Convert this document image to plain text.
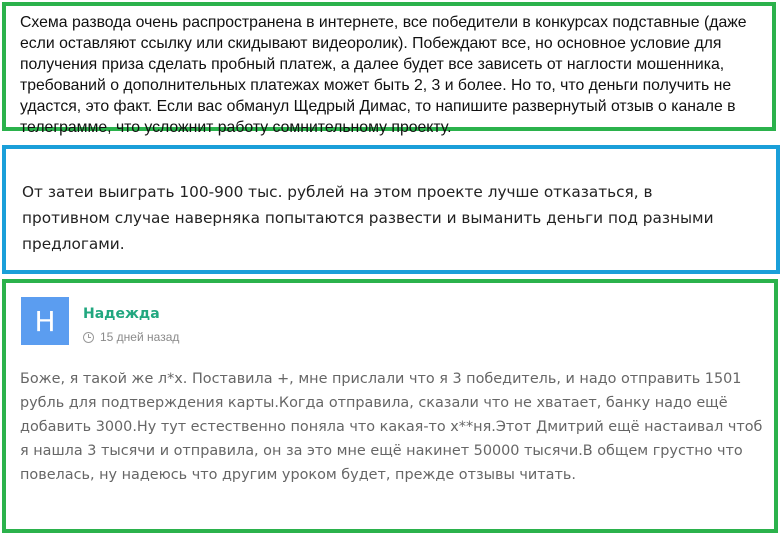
Схема развода очень распространена в интернете, все победители в конкурсах подставные (даже если оставляют ссылку или скидывают видеоролик). Побеждают все, но основное условие для получения приза сделать пробный платеж, а далее будет все зависеть от наглости мошенника, требований о дополнительных платежах может быть 2, 3 и более. Но то, что деньги получить не удастся, это факт. Если вас обманул Щедрый Димас, то напишите развернутый отзыв о канале в телеграмме, что усложнит работу сомнительному проекту.
От затеи выиграть 100-900 тыс. рублей на этом проекте лучше отказаться, в противном случае наверняка попытаются развести и выманить деньги под разными предлогами.
Н	Надежда
15 дней назад
Боже, я такой же л*х. Поставила +, мне прислали что я 3 победитель, и надо отправить 1501 рубль для подтверждения карты.Когда отправила, сказали что не хватает, банку надо ещё добавить 3000.Ну тут естественно поняла что какая-то х**ня.Этот Дмитрий ещё настаивал чтоб я нашла 3 тысячи и отправила, он за это мне ещё накинет 50000 тысячи.В общем грустно что повелась, ну надеюсь что другим уроком будет, прежде отзывы читать.
